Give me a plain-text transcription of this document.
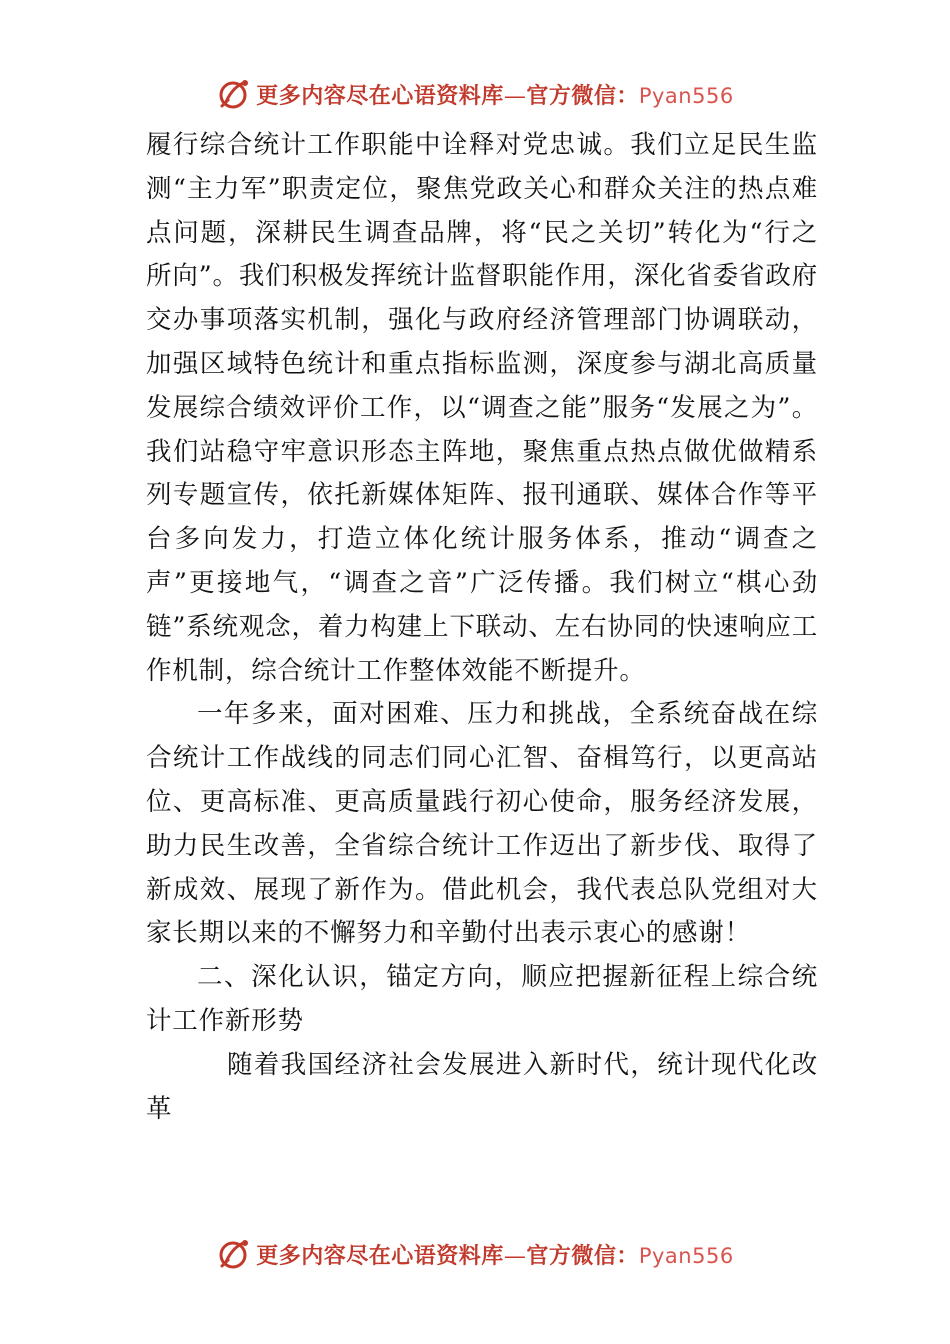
更多内容尽在心语资料库—官方微信：Pyan556

履行综合统计工作职能中诠释对党忠诚。我们立足民生监测“主力军”职责定位，聚焦党政关心和群众关注的热点难点问题，深耕民生调查品牌，将“民之关切”转化为“行之所向”。我们积极发挥统计监督职能作用，深化省委省政府交办事项落实机制，强化与政府经济管理部门协调联动，加强区域特色统计和重点指标监测，深度参与湖北高质量发展综合绩效评价工作，以“调查之能”服务“发展之为”。我们站稳守牢意识形态主阵地，聚焦重点热点做优做精系列专题宣传，依托新媒体矩阵、报刊通联、媒体合作等平台多向发力，打造立体化统计服务体系，推动“调查之声”更接地气，“调查之音”广泛传播。我们树立“棋心劲链”系统观念，着力构建上下联动、左右协同的快速响应工作机制，综合统计工作整体效能不断提升。

一年多来，面对困难、压力和挑战，全系统奋战在综合统计工作战线的同志们同心汇智、奋楫笃行，以更高站位、更高标准、更高质量践行初心使命，服务经济发展，助力民生改善，全省综合统计工作迈出了新步伐、取得了新成效、展现了新作为。借此机会，我代表总队党组对大家长期以来的不懈努力和辛勤付出表示衷心的感谢！

二、深化认识，锚定方向，顺应把握新征程上综合统计工作新形势

随着我国经济社会发展进入新时代，统计现代化改革

更多内容尽在心语资料库—官方微信：Pyan556
